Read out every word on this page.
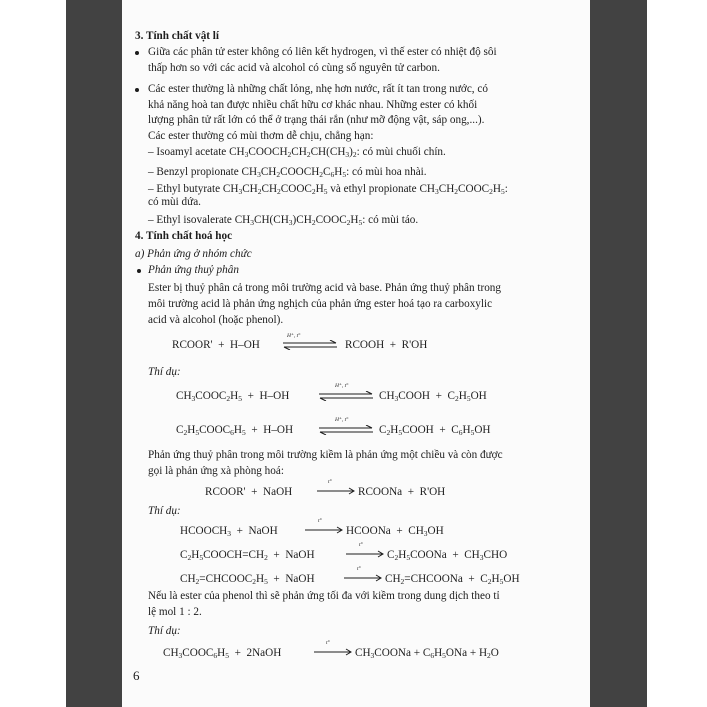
3. Tính chất vật lí
Giữa các phân tử ester không có liên kết hydrogen, vì thế ester có nhiệt độ sôi
thấp hơn so với các acid và alcohol có cùng số nguyên tử carbon.
Các ester thường là những chất lỏng, nhẹ hơn nước, rất ít tan trong nước, có
khả năng hoà tan được nhiều chất hữu cơ khác nhau. Những ester có khối
lượng phân tử rất lớn có thể ở trạng thái rắn (như mỡ động vật, sáp ong,...).
Các ester thường có mùi thơm dễ chịu, chẳng hạn:
– Isoamyl acetate $CH_3COOCH_2CH_2CH(CH_3)_2$: có mùi chuối chín.
– Benzyl propionate $CH_3CH_2COOCH_2C_6H_5$: có mùi hoa nhài.
– Ethyl butyrate $CH_3CH_2CH_2COOC_2H_5$ và ethyl propionate $CH_3CH_2COOC_2H_5$:
có mùi dứa.
– Ethyl isovalerate $CH_3CH(CH_3)CH_2COOC_2H_5$: có mùi táo.
4. Tính chất hoá học
a) Phản ứng ở nhóm chức
Phản ứng thuỷ phân
Ester bị thuỷ phân cả trong môi trường acid và base. Phản ứng thuỷ phân trong
môi trường acid là phản ứng nghịch của phản ứng ester hoá tạo ra carboxylic
acid và alcohol (hoặc phenol).
RCOOR'  +  H–OH
H⁺, t°
⇌ RCOOH  +  R'OH
Thí dụ:
$CH_3COOC_2H_5 + H-OH$
H⁺, t°
⇌ $CH_3COOH + C_2H_5OH$
$C_2H_5COOC_6H_5 + H-OH$
H⁺, t°
⇌ $C_2H_5COOH + C_6H_5OH$
Phản ứng thuỷ phân trong môi trường kiềm là phản ứng một chiều và còn được
gọi là phản ứng xà phòng hoá:
RCOOR'  +  NaOH
t°
RCOONa  +  R'OH
Thí dụ:
$HCOOCH_3$  +  NaOH
t°
HCOONa  +  $CH_3OH$
$C_2H_5COOCH=CH_2$  +  NaOH
t°
$C_2H_5COONa + CH_3CHO$
$CH_2=CHCOOC_2H_5$  +  NaOH
t°
$CH_2=CHCOONa + C_2H_5OH$
Nếu là ester của phenol thì sẽ phản ứng tối đa với kiềm trong dung dịch theo tỉ
lệ mol 1 : 2.
Thí dụ:
$CH_3COOC_6H_5$  +  2NaOH
t°
$CH_3COONa + C_6H_5ONa + H_2O$
6
